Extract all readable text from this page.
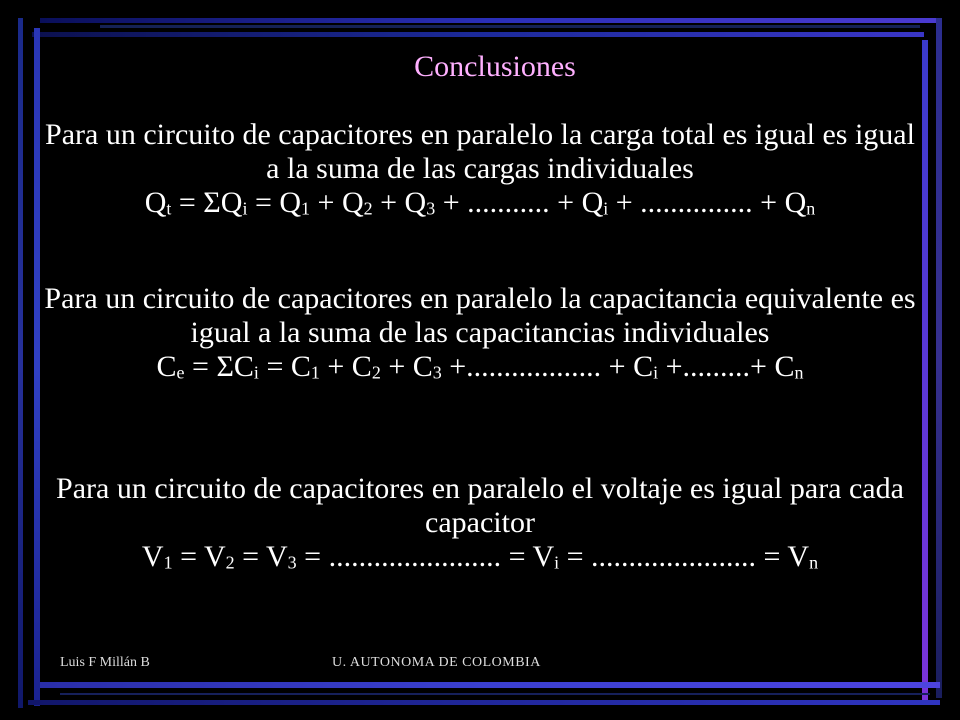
Conclusiones
Para un circuito de capacitores en paralelo la carga total es igual es igual a la suma de las cargas individuales
$Q_t = \Sigma Q_i = Q_1 + Q_2 + Q_3$ + ........... + $Q_i$ + ............... + $Q_n$
Para un circuito de capacitores en paralelo la capacitancia equivalente es igual a la suma de las capacitancias individuales
$C_e = \Sigma C_i = C_1 + C_2 + C_3$ +.................. + $C_i$ +.........+ $C_n$
Para un circuito de capacitores en paralelo el voltaje es igual para cada capacitor
$V_1 = V_2 = V_3$ = ....................... = $V_i$ = ...................... = $V_n$
Luis F Millán B	U. AUTONOMA DE COLOMBIA
